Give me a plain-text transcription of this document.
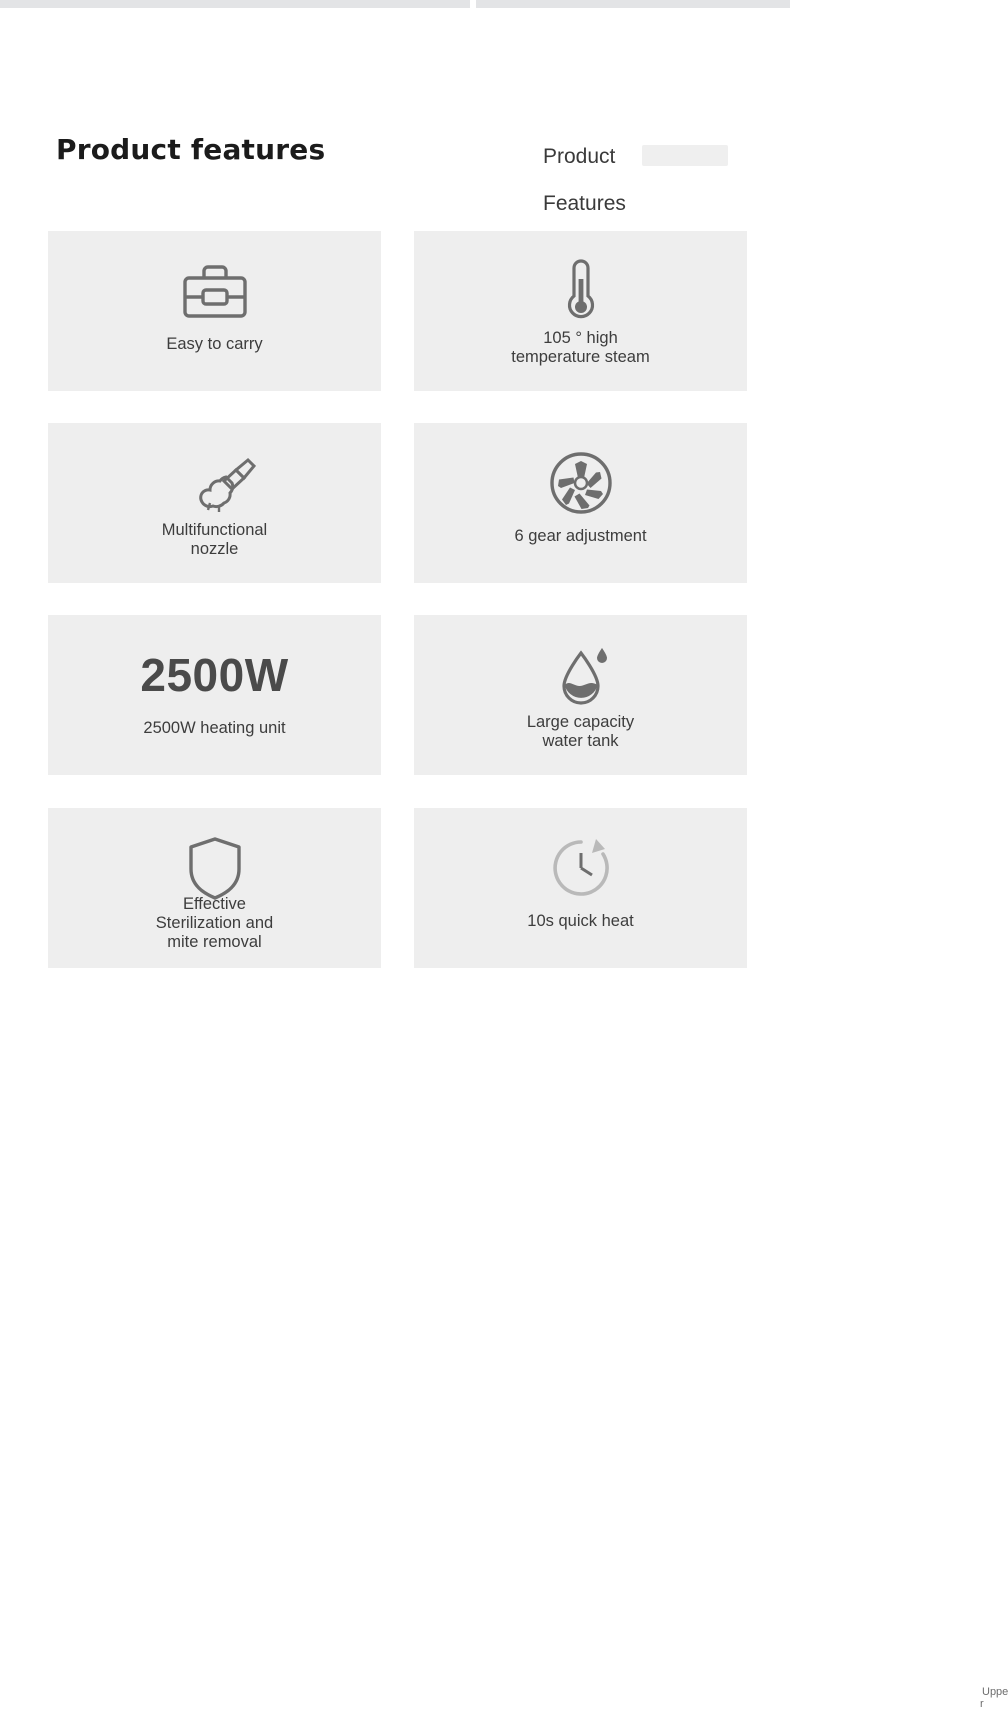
Product features	Product
Features
Easy to carry	105 ° high
temperature steam
Multifunctional
nozzle
6 gear adjustment
2500W
2500W heating unit	Large capacity
water tank
Effective
Sterilization and
mite removal
Uppe
r
10s quick heat
